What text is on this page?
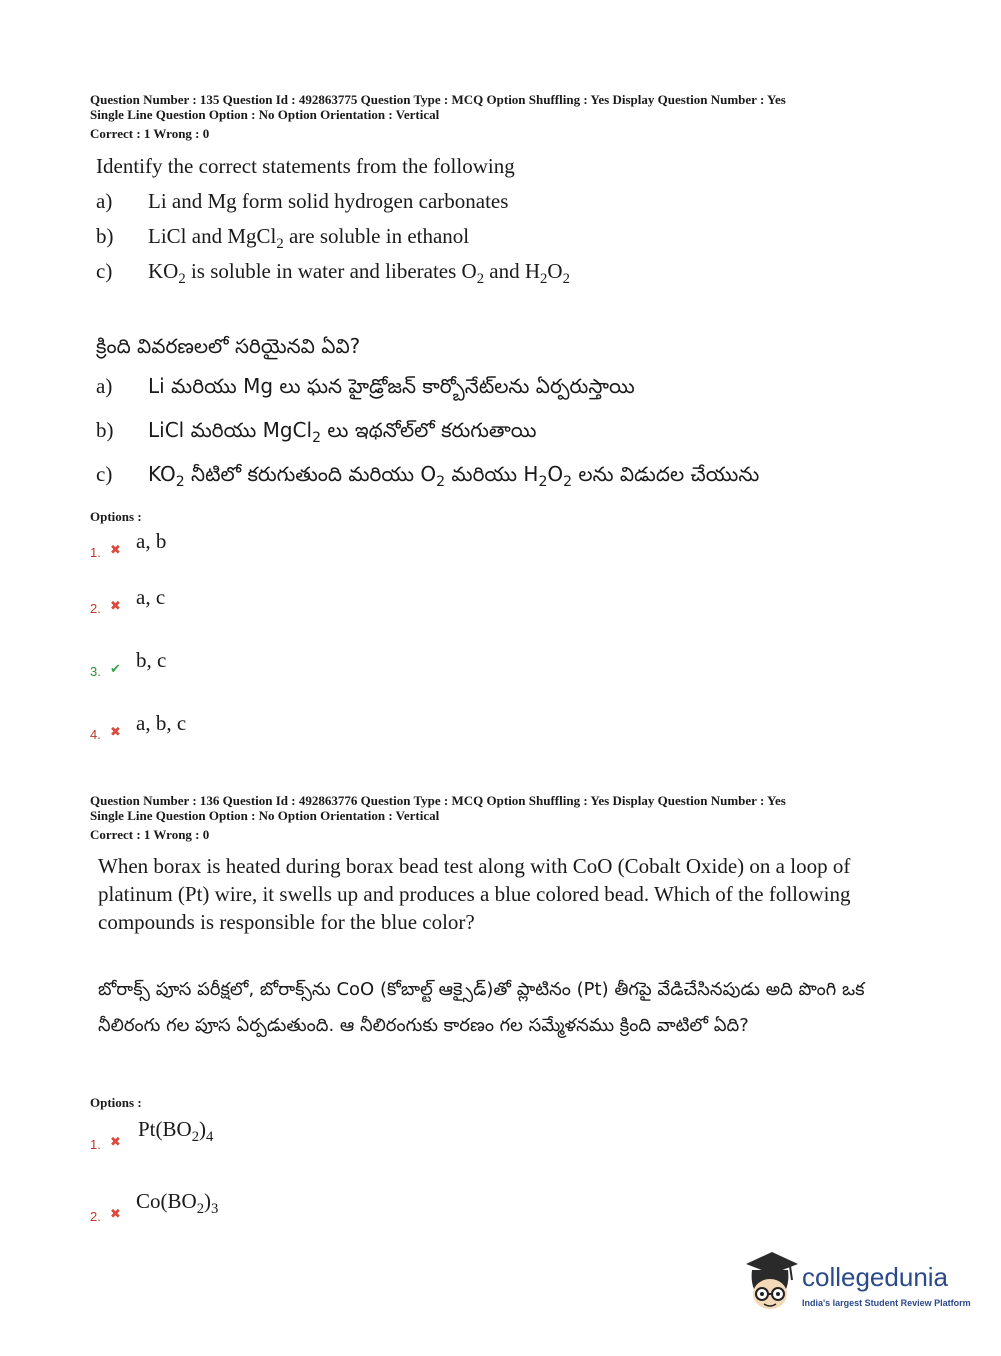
Question Number : 135 Question Id : 492863775 Question Type : MCQ Option Shuffling : Yes Display Question Number : Yes
Single Line Question Option : No Option Orientation : Vertical
Correct : 1 Wrong : 0
Identify the correct statements from the following
a) Li and Mg form solid hydrogen carbonates
b) LiCl and MgCl$_2$ are soluble in ethanol
c) $KO_2$ is soluble in water and liberates $O_2$ and $H_2O_2$
క్రింది వివరణలలో సరియైనవి ఏవి?
a) Li మరియు Mg లు ఘన హైడ్రోజన్ కార్బోనేట్‌లను ఏర్పరుస్తాయి
b) LiCl మరియు MgCl$_2$ లు ఇథనోల్‌లో కరుగుతాయి
c) $KO_2$ నీటిలో కరుగుతుంది మరియు $O_2$ మరియు $H_2O_2$ లను విడుదల చేయును
Options :
1. ✖ a, b
2. ✖ a, c
3. ✔ b, c
4. ✖ a, b, c
Question Number : 136 Question Id : 492863776 Question Type : MCQ Option Shuffling : Yes Display Question Number : Yes
Single Line Question Option : No Option Orientation : Vertical
Correct : 1 Wrong : 0
When borax is heated during borax bead test along with CoO (Cobalt Oxide) on a loop of platinum (Pt) wire, it swells up and produces a blue colored bead. Which of the following compounds is responsible for the blue color?
బోరాక్స్ పూస పరీక్షలో, బోరాక్స్‌ను CoO (కోబాల్ట్ ఆక్సైడ్)తో ప్లాటినం (Pt) తీగపై వేడిచేసినపుడు అది పొంగి ఒక నీలిరంగు గల పూస ఏర్పడుతుంది. ఆ నీలిరంగుకు కారణం గల సమ్మేళనము క్రింది వాటిలో ఏది?
Options :
1. ✖
$Pt(BO_2)_4$
2. ✖
$Co(BO_2)_3$
collegedunia
India's largest Student Review Platform
